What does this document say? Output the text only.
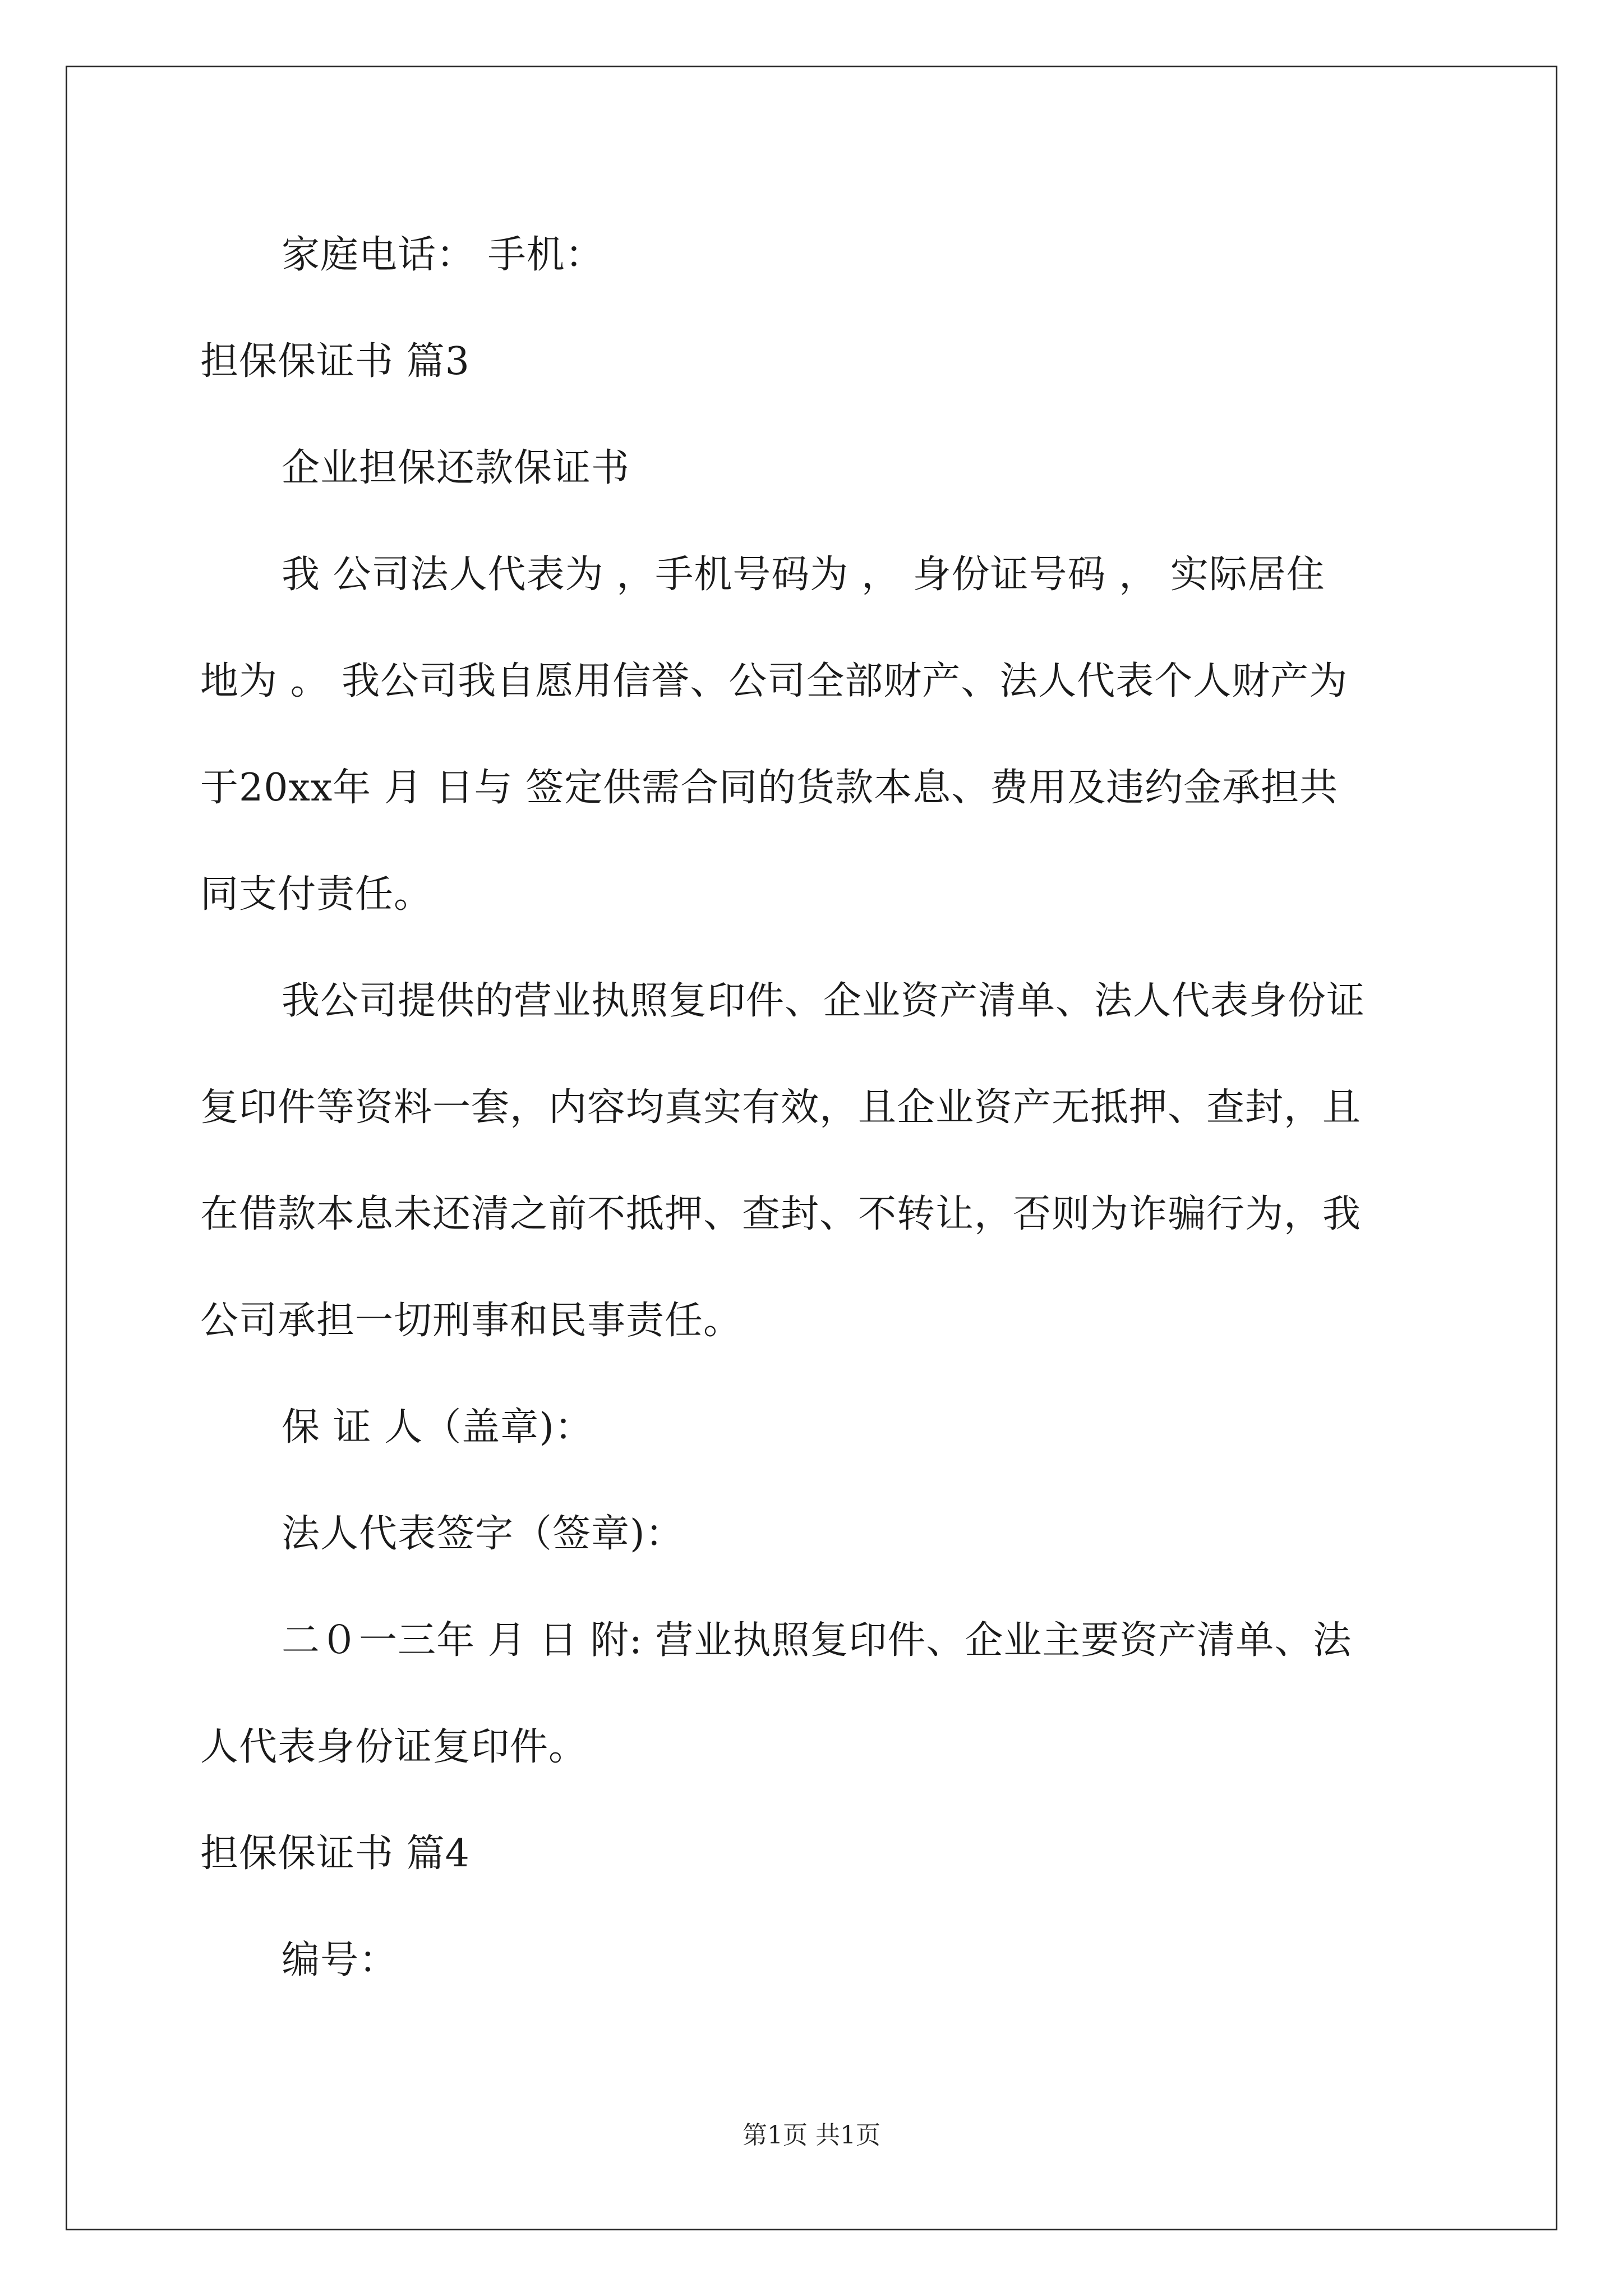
家庭电话： 手机：
担保保证书 篇3
企业担保还款保证书
我 公司法人代表为 ，手机号码为 ， 身份证号码 ， 实际居住
地为 。 我公司我自愿用信誉、公司全部财产、法人代表个人财产为
于20xx年 月 日与 签定供需合同的货款本息、费用及违约金承担共
同支付责任。
我公司提供的营业执照复印件、企业资产清单、法人代表身份证
复印件等资料一套，内容均真实有效，且企业资产无抵押、查封，且
在借款本息未还清之前不抵押、查封、不转让，否则为诈骗行为，我
公司承担一切刑事和民事责任。
保 证 人（盖章)：
法人代表签字（签章)：
二０一三年 月 日 附: 营业执照复印件、企业主要资产清单、法
人代表身份证复印件。
担保保证书 篇4
编号：
第1页 共1页
